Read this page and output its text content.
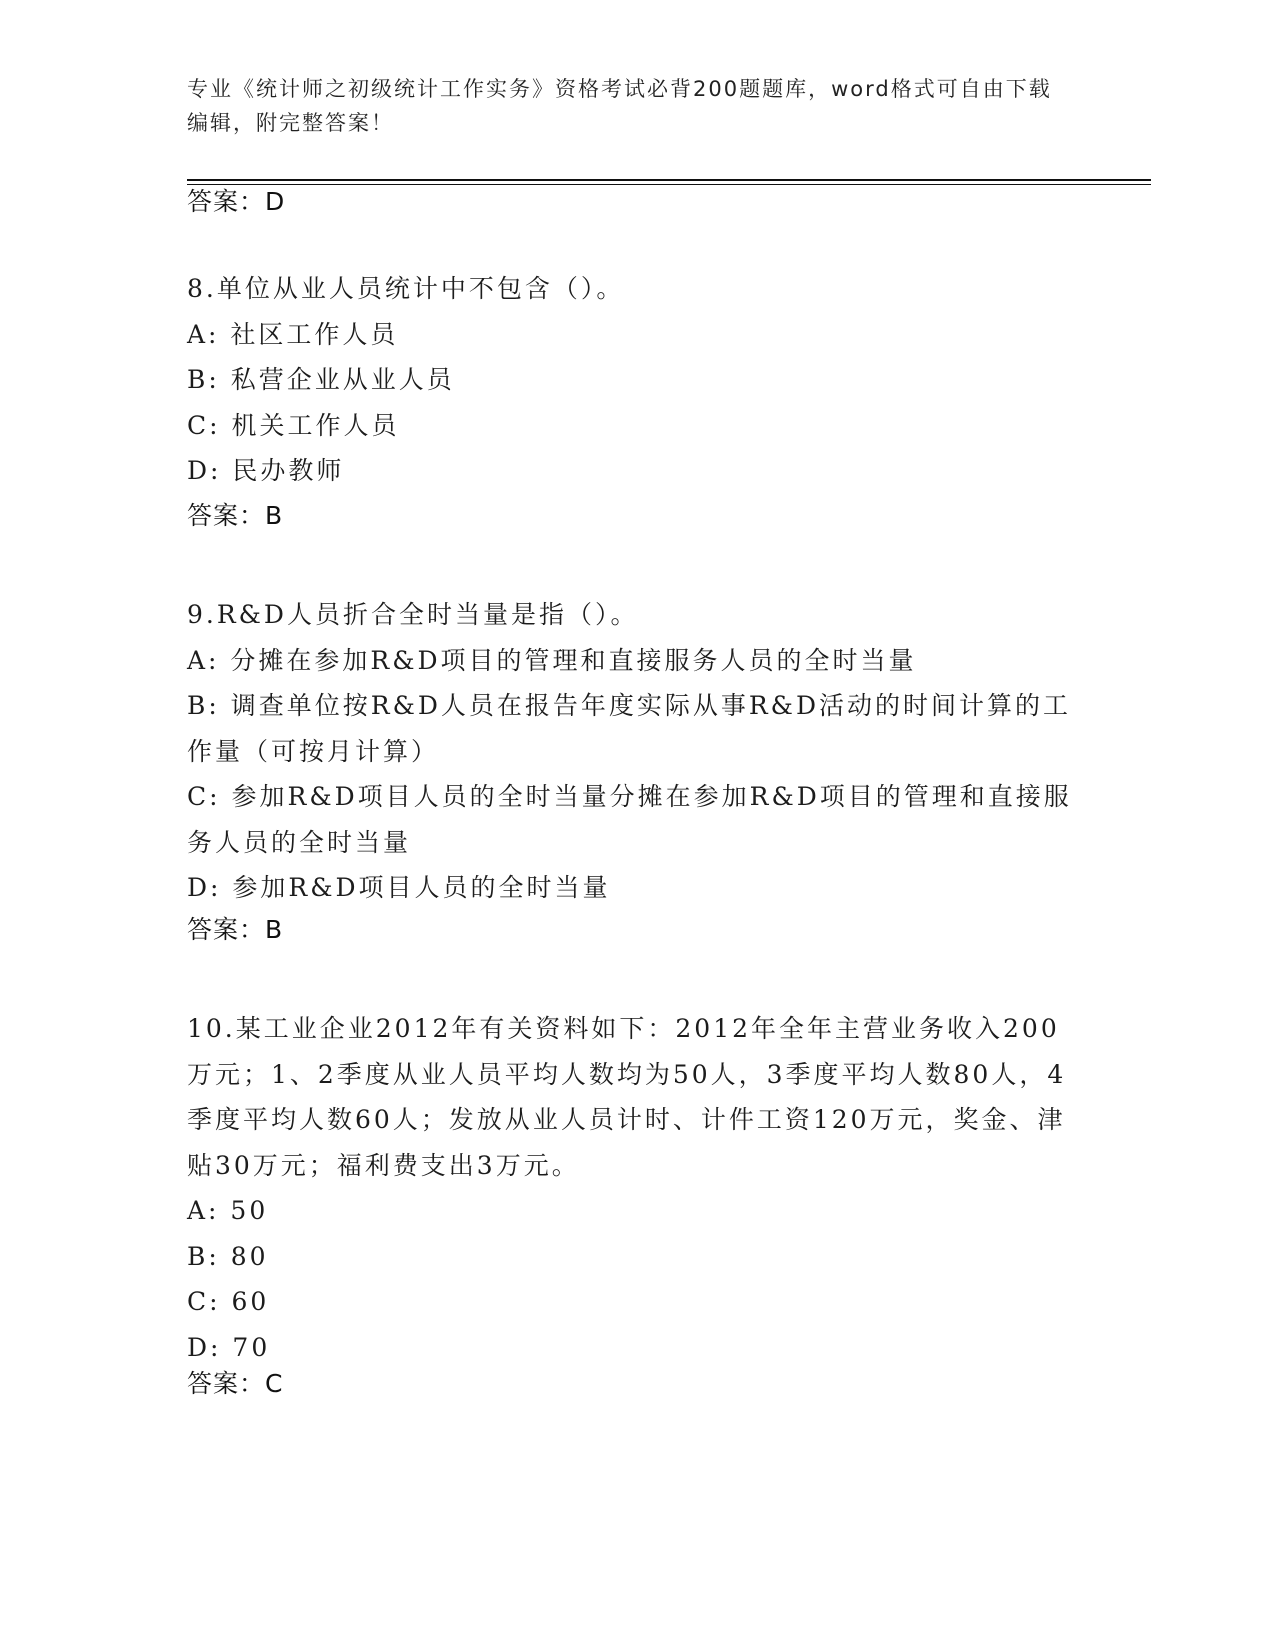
专业《统计师之初级统计工作实务》资格考试必背200题题库，word格式可自由下载编辑，附完整答案！
答案：D

8.单位从业人员统计中不包含（）。

A: 社区工作人员

B: 私营企业从业人员

C: 机关工作人员

D: 民办教师

答案：B

9.R&D人员折合全时当量是指（）。

A: 分摊在参加R&D项目的管理和直接服务人员的全时当量

B: 调查单位按R&D人员在报告年度实际从事R&D活动的时间计算的工作量（可按月计算）

C: 参加R&D项目人员的全时当量分摊在参加R&D项目的管理和直接服务人员的全时当量

D: 参加R&D项目人员的全时当量

答案：B

10.某工业企业2012年有关资料如下：2012年全年主营业务收入200万元；1、2季度从业人员平均人数均为50人，3季度平均人数80人，4季度平均人数60人；发放从业人员计时、计件工资120万元，奖金、津贴30万元；福利费支出3万元。

A: 50

B: 80

C: 60

D: 70

答案：C
